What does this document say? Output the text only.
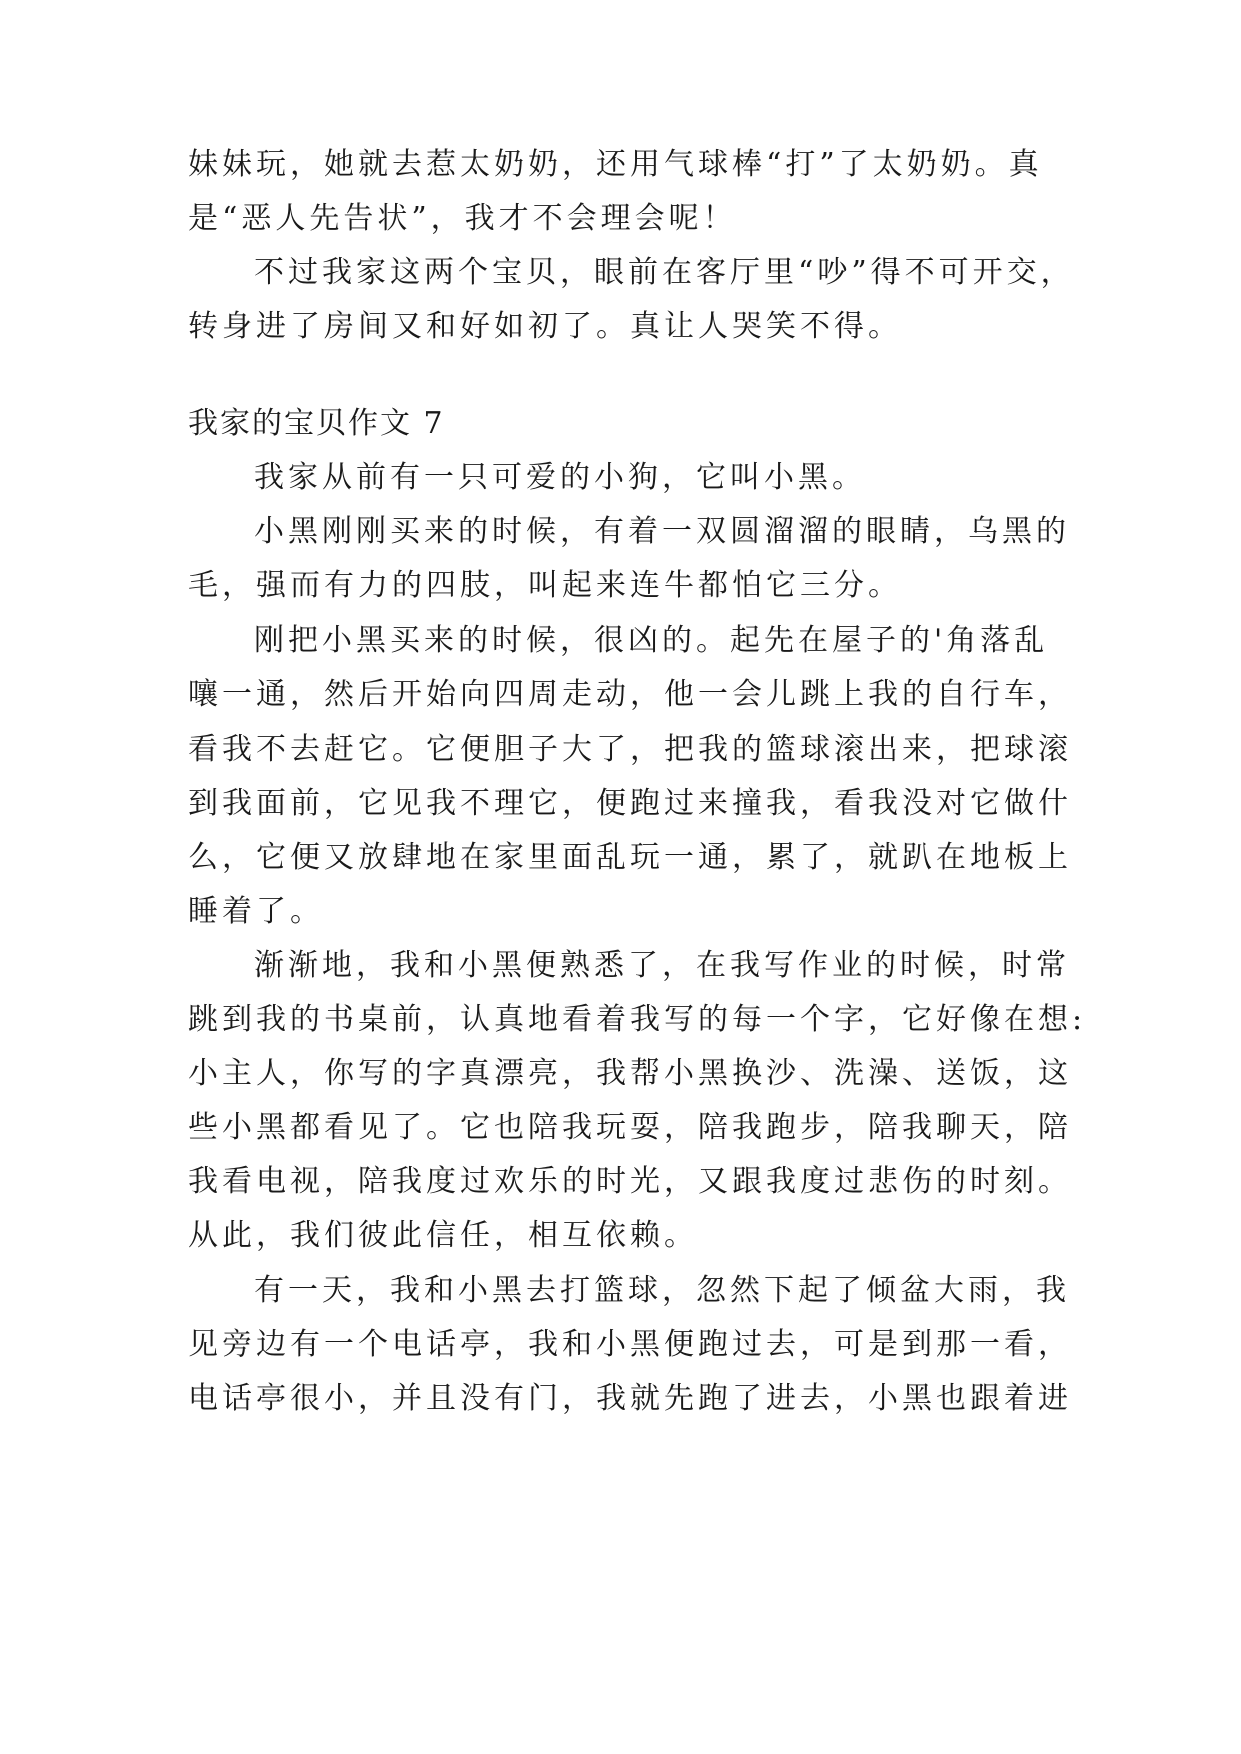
妹妹玩，她就去惹太奶奶，还用气球棒“打”了太奶奶。真
是“恶人先告状”，我才不会理会呢！
不过我家这两个宝贝，眼前在客厅里“吵”得不可开交，
转身进了房间又和好如初了。真让人哭笑不得。
我家的宝贝作文 7
我家从前有一只可爱的小狗，它叫小黑。
小黑刚刚买来的时候，有着一双圆溜溜的眼睛，乌黑的
毛，强而有力的四肢，叫起来连牛都怕它三分。
刚把小黑买来的时候，很凶的。起先在屋子的'角落乱
嚷一通，然后开始向四周走动，他一会儿跳上我的自行车，
看我不去赶它。它便胆子大了，把我的篮球滚出来，把球滚
到我面前，它见我不理它，便跑过来撞我，看我没对它做什
么，它便又放肆地在家里面乱玩一通，累了，就趴在地板上
睡着了。
渐渐地，我和小黑便熟悉了，在我写作业的时候，时常
跳到我的书桌前，认真地看着我写的每一个字，它好像在想:
小主人，你写的字真漂亮，我帮小黑换沙、洗澡、送饭，这
些小黑都看见了。它也陪我玩耍，陪我跑步，陪我聊天，陪
我看电视，陪我度过欢乐的时光，又跟我度过悲伤的时刻。
从此，我们彼此信任，相互依赖。
有一天，我和小黑去打篮球，忽然下起了倾盆大雨，我
见旁边有一个电话亭，我和小黑便跑过去，可是到那一看，
电话亭很小，并且没有门，我就先跑了进去，小黑也跟着进
